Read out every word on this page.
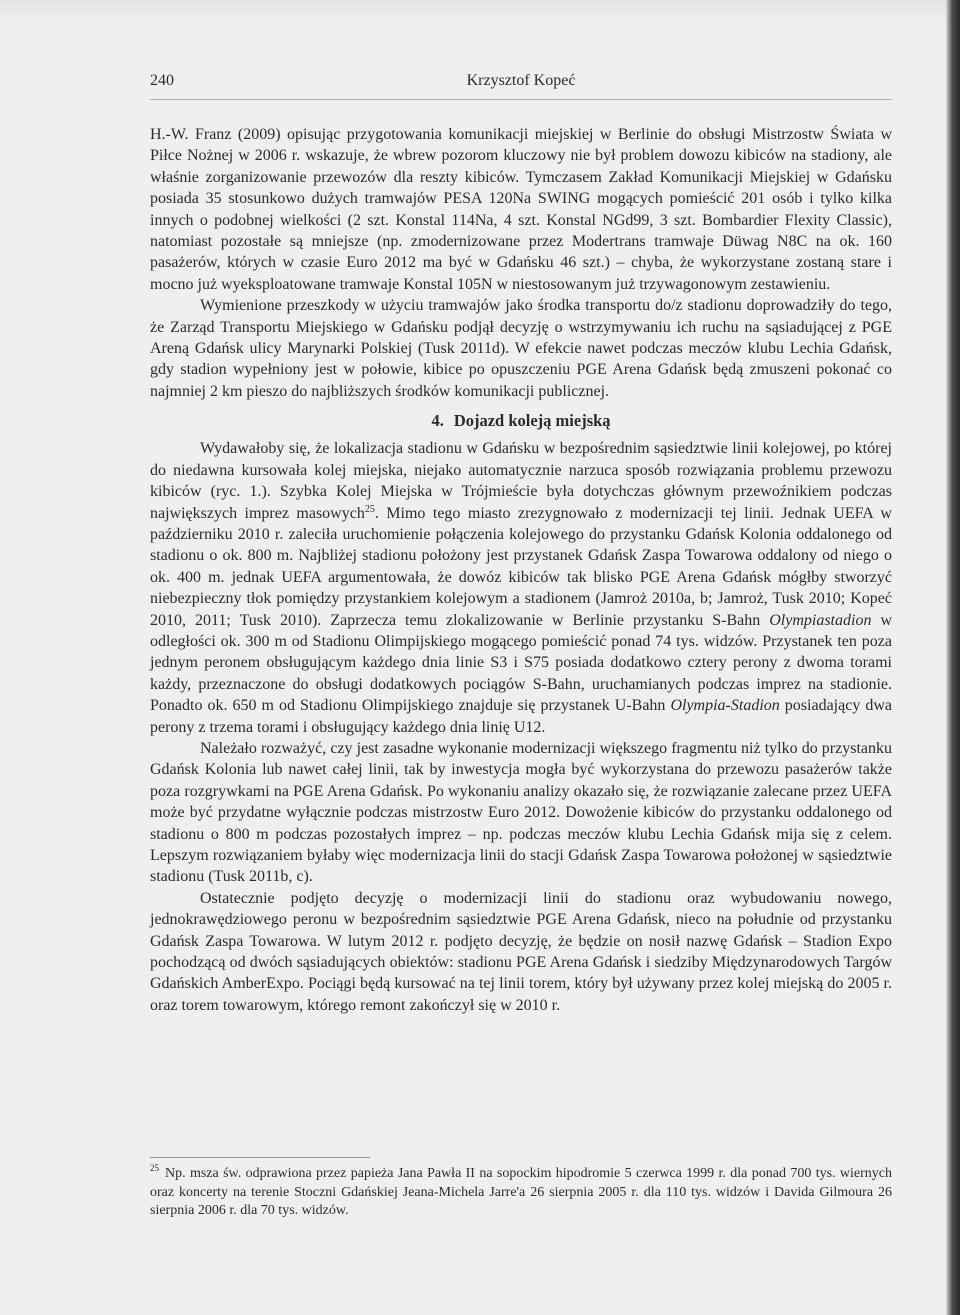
240	Krzysztof Kopeć

H.-W. Franz (2009) opisując przygotowania komunikacji miejskiej w Berlinie do obsługi Mistrzostw Świata w Piłce Nożnej w 2006 r. wskazuje, że wbrew pozorom kluczowy nie był problem dowozu kibiców na stadiony, ale właśnie zorganizowanie przewozów dla reszty kibiców. Tymczasem Zakład Komunikacji Miejskiej w Gdańsku posiada 35 stosunkowo dużych tramwajów PESA 120Na SWING mogących pomieścić 201 osób i tylko kilka innych o podobnej wielkości (2 szt. Konstal 114Na, 4 szt. Konstal NGd99, 3 szt. Bombardier Flexity Classic), natomiast pozostałe są mniejsze (np. zmodernizowane przez Modertrans tramwaje Düwag N8C na ok. 160 pasażerów, których w czasie Euro 2012 ma być w Gdańsku 46 szt.) – chyba, że wykorzystane zostaną stare i mocno już wyeksploatowane tramwaje Konstal 105N w niestosowanym już trzywagonowym zestawieniu.

Wymienione przeszkody w użyciu tramwajów jako środka transportu do/z stadionu doprowadziły do tego, że Zarząd Transportu Miejskiego w Gdańsku podjął decyzję o wstrzymywaniu ich ruchu na sąsiadującej z PGE Areną Gdańsk ulicy Marynarki Polskiej (Tusk 2011d). W efekcie nawet podczas meczów klubu Lechia Gdańsk, gdy stadion wypełniony jest w połowie, kibice po opuszczeniu PGE Arena Gdańsk będą zmuszeni pokonać co najmniej 2 km pieszo do najbliższych środków komunikacji publicznej.

4. Dojazd koleją miejską

Wydawałoby się, że lokalizacja stadionu w Gdańsku w bezpośrednim sąsiedztwie linii kolejowej, po której do niedawna kursowała kolej miejska, niejako automatycznie narzuca sposób rozwiązania problemu przewozu kibiców (ryc. 1.). Szybka Kolej Miejska w Trójmieście była dotychczas głównym przewoźnikiem podczas największych imprez masowych$^{25}$. Mimo tego miasto zrezygnowało z modernizacji tej linii. Jednak UEFA w październiku 2010 r. zaleciła uruchomienie połączenia kolejowego do przystanku Gdańsk Kolonia oddalonego od stadionu o ok. 800 m. Najbliżej stadionu położony jest przystanek Gdańsk Zaspa Towarowa oddalony od niego o ok. 400 m. jednak UEFA argumentowała, że dowóz kibiców tak blisko PGE Arena Gdańsk mógłby stworzyć niebezpieczny tłok pomiędzy przystankiem kolejowym a stadionem (Jamroż 2010a, b; Jamroż, Tusk 2010; Kopeć 2010, 2011; Tusk 2010). Zaprzecza temu zlokalizowanie w Berlinie przystanku S-Bahn Olympiastadion w odległości ok. 300 m od Stadionu Olimpijskiego mogącego pomieścić ponad 74 tys. widzów. Przystanek ten poza jednym peronem obsługującym każdego dnia linie S3 i S75 posiada dodatkowo cztery perony z dwoma torami każdy, przeznaczone do obsługi dodatkowych pociągów S-Bahn, uruchamianych podczas imprez na stadionie. Ponadto ok. 650 m od Stadionu Olimpijskiego znajduje się przystanek U-Bahn Olympia-Stadion posiadający dwa perony z trzema torami i obsługujący każdego dnia linię U12.

Należało rozważyć, czy jest zasadne wykonanie modernizacji większego fragmentu niż tylko do przystanku Gdańsk Kolonia lub nawet całej linii, tak by inwestycja mogła być wykorzystana do przewozu pasażerów także poza rozgrywkami na PGE Arena Gdańsk. Po wykonaniu analizy okazało się, że rozwiązanie zalecane przez UEFA może być przydatne wyłącznie podczas mistrzostw Euro 2012. Dowożenie kibiców do przystanku oddalonego od stadionu o 800 m podczas pozostałych imprez – np. podczas meczów klubu Lechia Gdańsk mija się z celem. Lepszym rozwiązaniem byłaby więc modernizacja linii do stacji Gdańsk Zaspa Towarowa położonej w sąsiedztwie stadionu (Tusk 2011b, c).

Ostatecznie podjęto decyzję o modernizacji linii do stadionu oraz wybudowaniu nowego, jednokrawędziowego peronu w bezpośrednim sąsiedztwie PGE Arena Gdańsk, nieco na południe od przystanku Gdańsk Zaspa Towarowa. W lutym 2012 r. podjęto decyzję, że będzie on nosił nazwę Gdańsk – Stadion Expo pochodzącą od dwóch sąsiadujących obiektów: stadionu PGE Arena Gdańsk i siedziby Międzynarodowych Targów Gdańskich AmberExpo. Pociągi będą kursować na tej linii torem, który był używany przez kolej miejską do 2005 r. oraz torem towarowym, którego remont zakończył się w 2010 r.

$^{25}$ Np. msza św. odprawiona przez papieża Jana Pawła II na sopockim hipodromie 5 czerwca 1999 r. dla ponad 700 tys. wiernych oraz koncerty na terenie Stoczni Gdańskiej Jeana-Michela Jarre'a 26 sierpnia 2005 r. dla 110 tys. widzów i Davida Gilmoura 26 sierpnia 2006 r. dla 70 tys. widzów.
